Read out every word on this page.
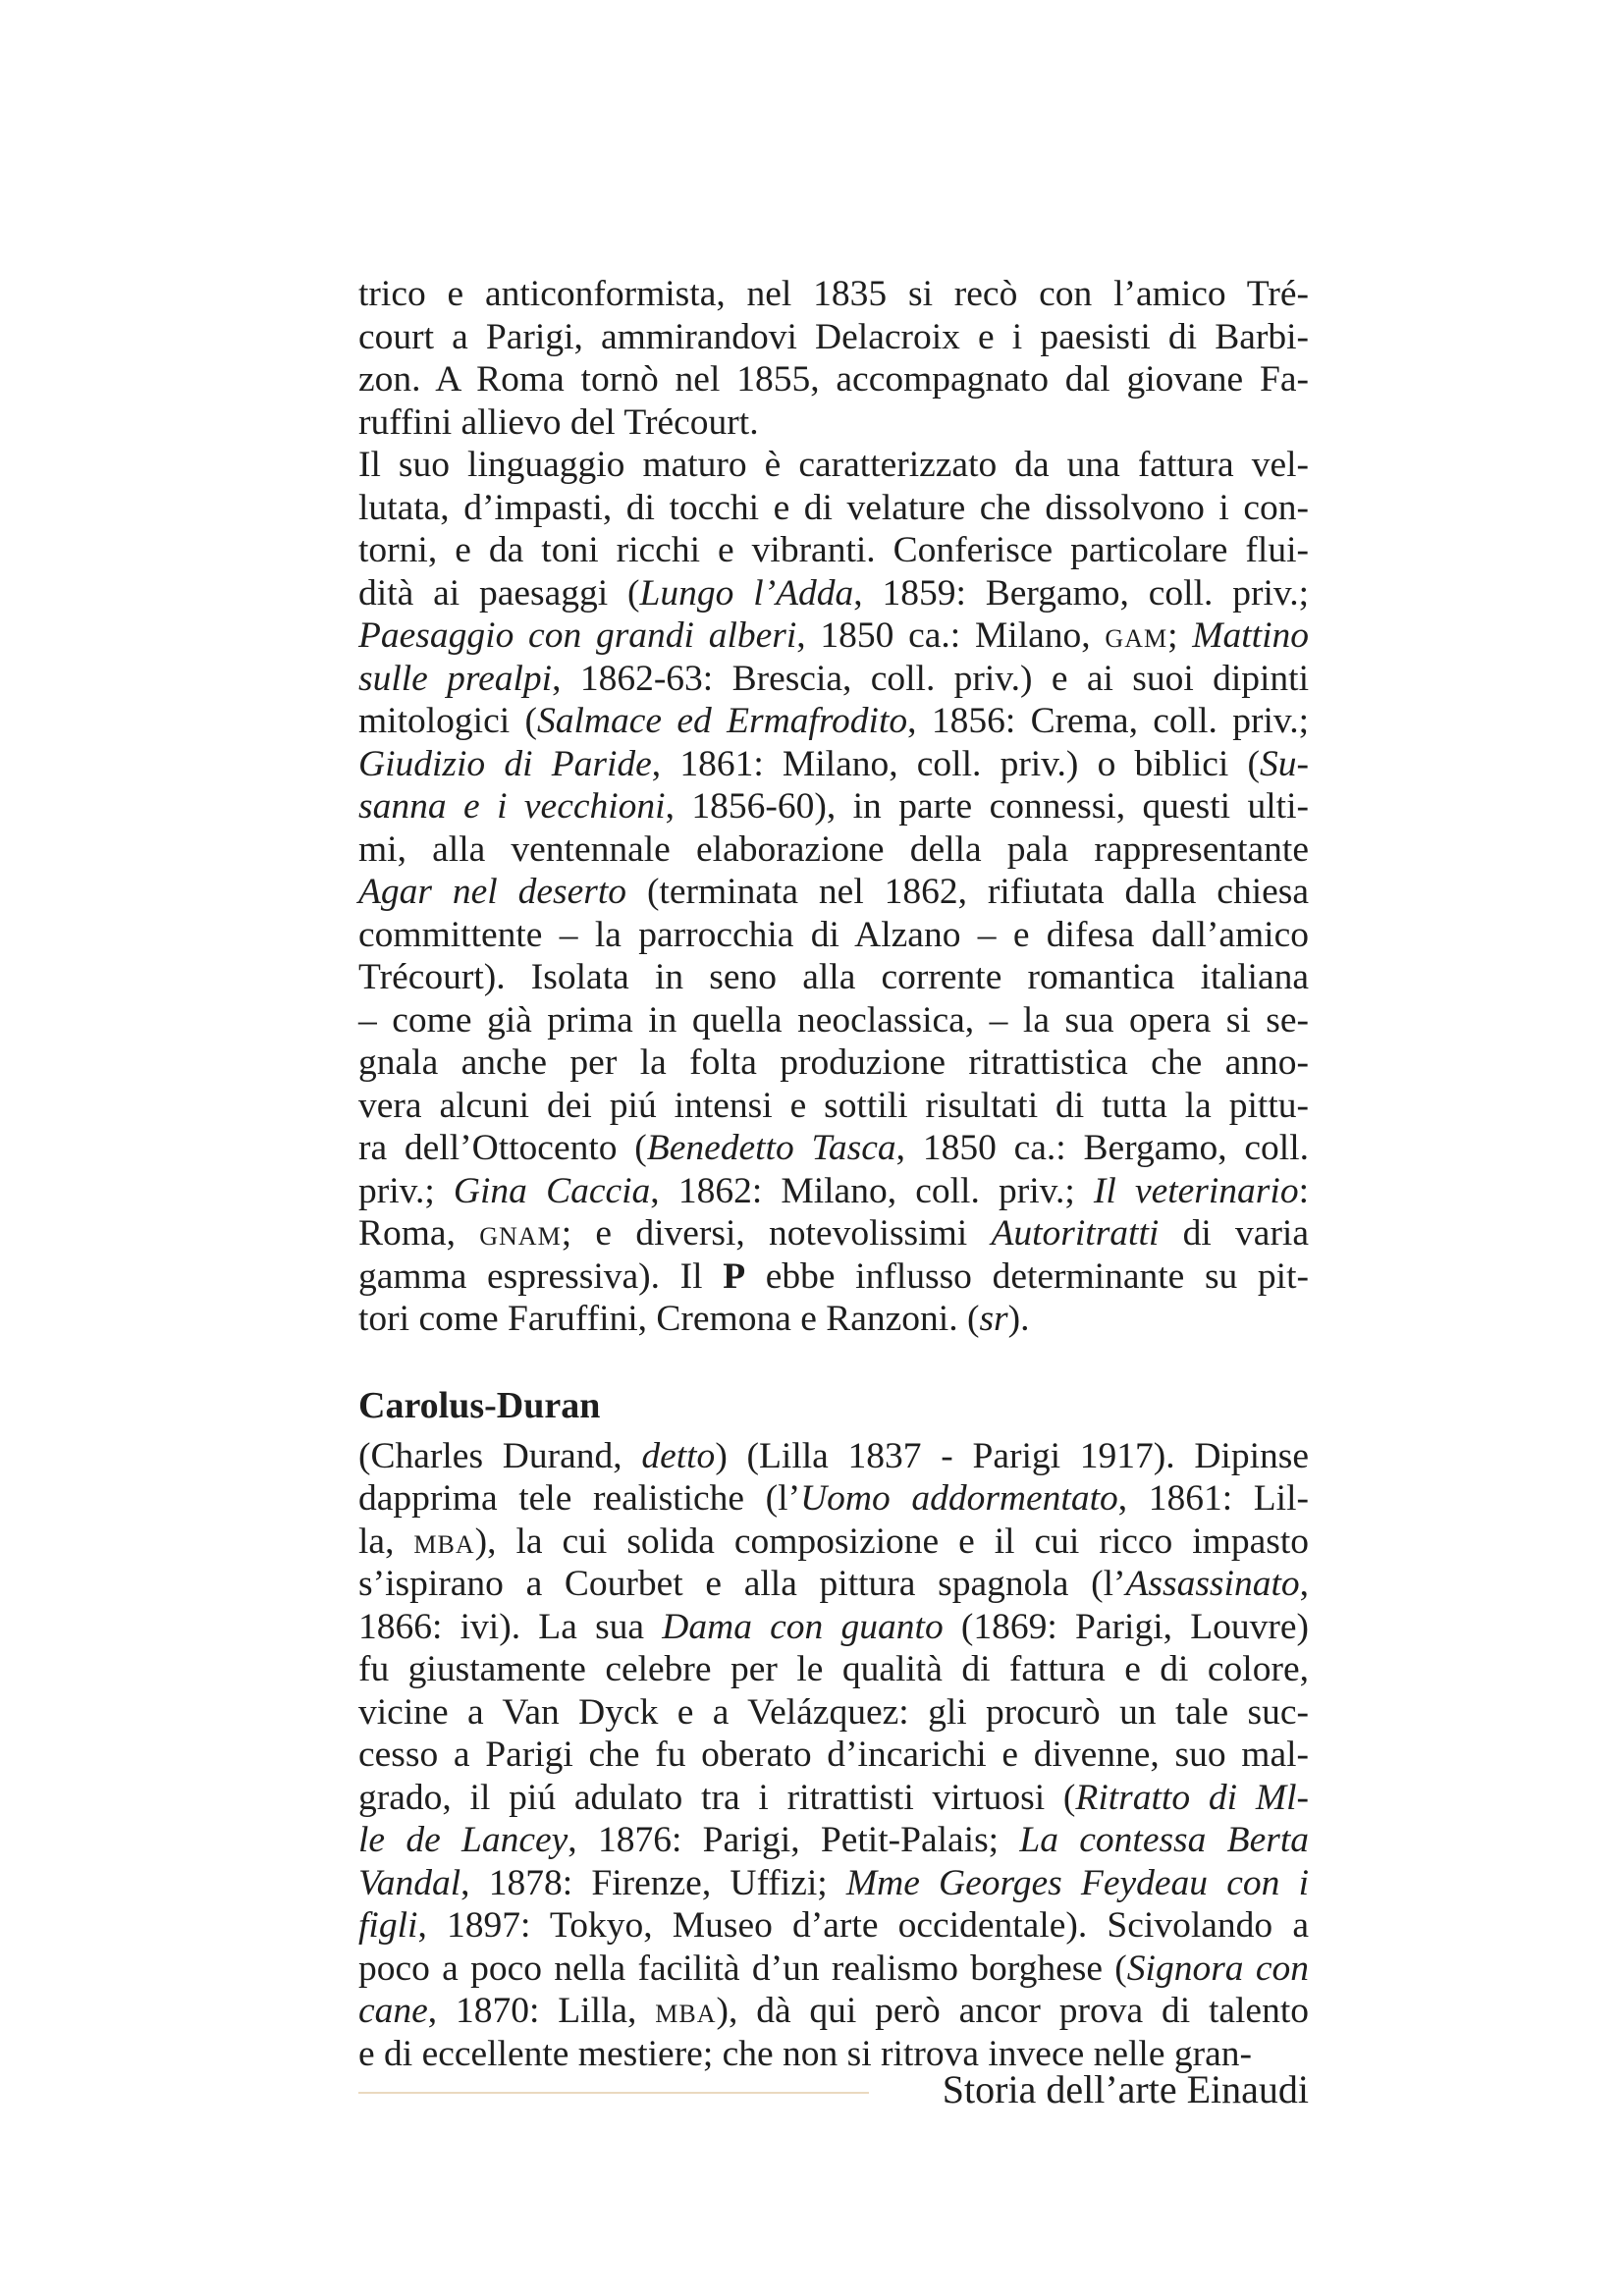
trico e anticonformista, nel 1835 si recò con l’amico Tré-
court a Parigi, ammirandovi Delacroix e i paesisti di Barbi-
zon. A Roma tornò nel 1855, accompagnato dal giovane Fa-
ruffini allievo del Trécourt.
Il suo linguaggio maturo è caratterizzato da una fattura vel-
lutata, d’impasti, di tocchi e di velature che dissolvono i con-
torni, e da toni ricchi e vibranti. Conferisce particolare flui-
dità ai paesaggi (Lungo l’Adda, 1859: Bergamo, coll. priv.;
Paesaggio con grandi alberi, 1850 ca.: Milano, gam; Mattino
sulle prealpi, 1862-63: Brescia, coll. priv.) e ai suoi dipinti
mitologici (Salmace ed Ermafrodito, 1856: Crema, coll. priv.;
Giudizio di Paride, 1861: Milano, coll. priv.) o biblici (Su-
sanna e i vecchioni, 1856-60), in parte connessi, questi ulti-
mi, alla ventennale elaborazione della pala rappresentante
Agar nel deserto (terminata nel 1862, rifiutata dalla chiesa
committente – la parrocchia di Alzano – e difesa dall’amico
Trécourt). Isolata in seno alla corrente romantica italiana
– come già prima in quella neoclassica, – la sua opera si se-
gnala anche per la folta produzione ritrattistica che anno-
vera alcuni dei piú intensi e sottili risultati di tutta la pittu-
ra dell’Ottocento (Benedetto Tasca, 1850 ca.: Bergamo, coll.
priv.; Gina Caccia, 1862: Milano, coll. priv.; Il veterinario:
Roma, gnam; e diversi, notevolissimi Autoritratti di varia
gamma espressiva). Il P ebbe influsso determinante su pit-
tori come Faruffini, Cremona e Ranzoni. (sr).
Carolus-Duran
(Charles Durand, detto) (Lilla 1837 - Parigi 1917). Dipinse
dapprima tele realistiche (l’Uomo addormentato, 1861: Lil-
la, mba), la cui solida composizione e il cui ricco impasto
s’ispirano a Courbet e alla pittura spagnola (l’Assassinato,
1866: ivi). La sua Dama con guanto (1869: Parigi, Louvre)
fu giustamente celebre per le qualità di fattura e di colore,
vicine a Van Dyck e a Velázquez: gli procurò un tale suc-
cesso a Parigi che fu oberato d’incarichi e divenne, suo mal-
grado, il piú adulato tra i ritrattisti virtuosi (Ritratto di Ml-
le de Lancey, 1876: Parigi, Petit-Palais; La contessa Berta
Vandal, 1878: Firenze, Uffizi; Mme Georges Feydeau con i
figli, 1897: Tokyo, Museo d’arte occidentale). Scivolando a
poco a poco nella facilità d’un realismo borghese (Signora con
cane, 1870: Lilla, mba), dà qui però ancor prova di talento
e di eccellente mestiere; che non si ritrova invece nelle gran-
Storia dell’arte Einaudi
